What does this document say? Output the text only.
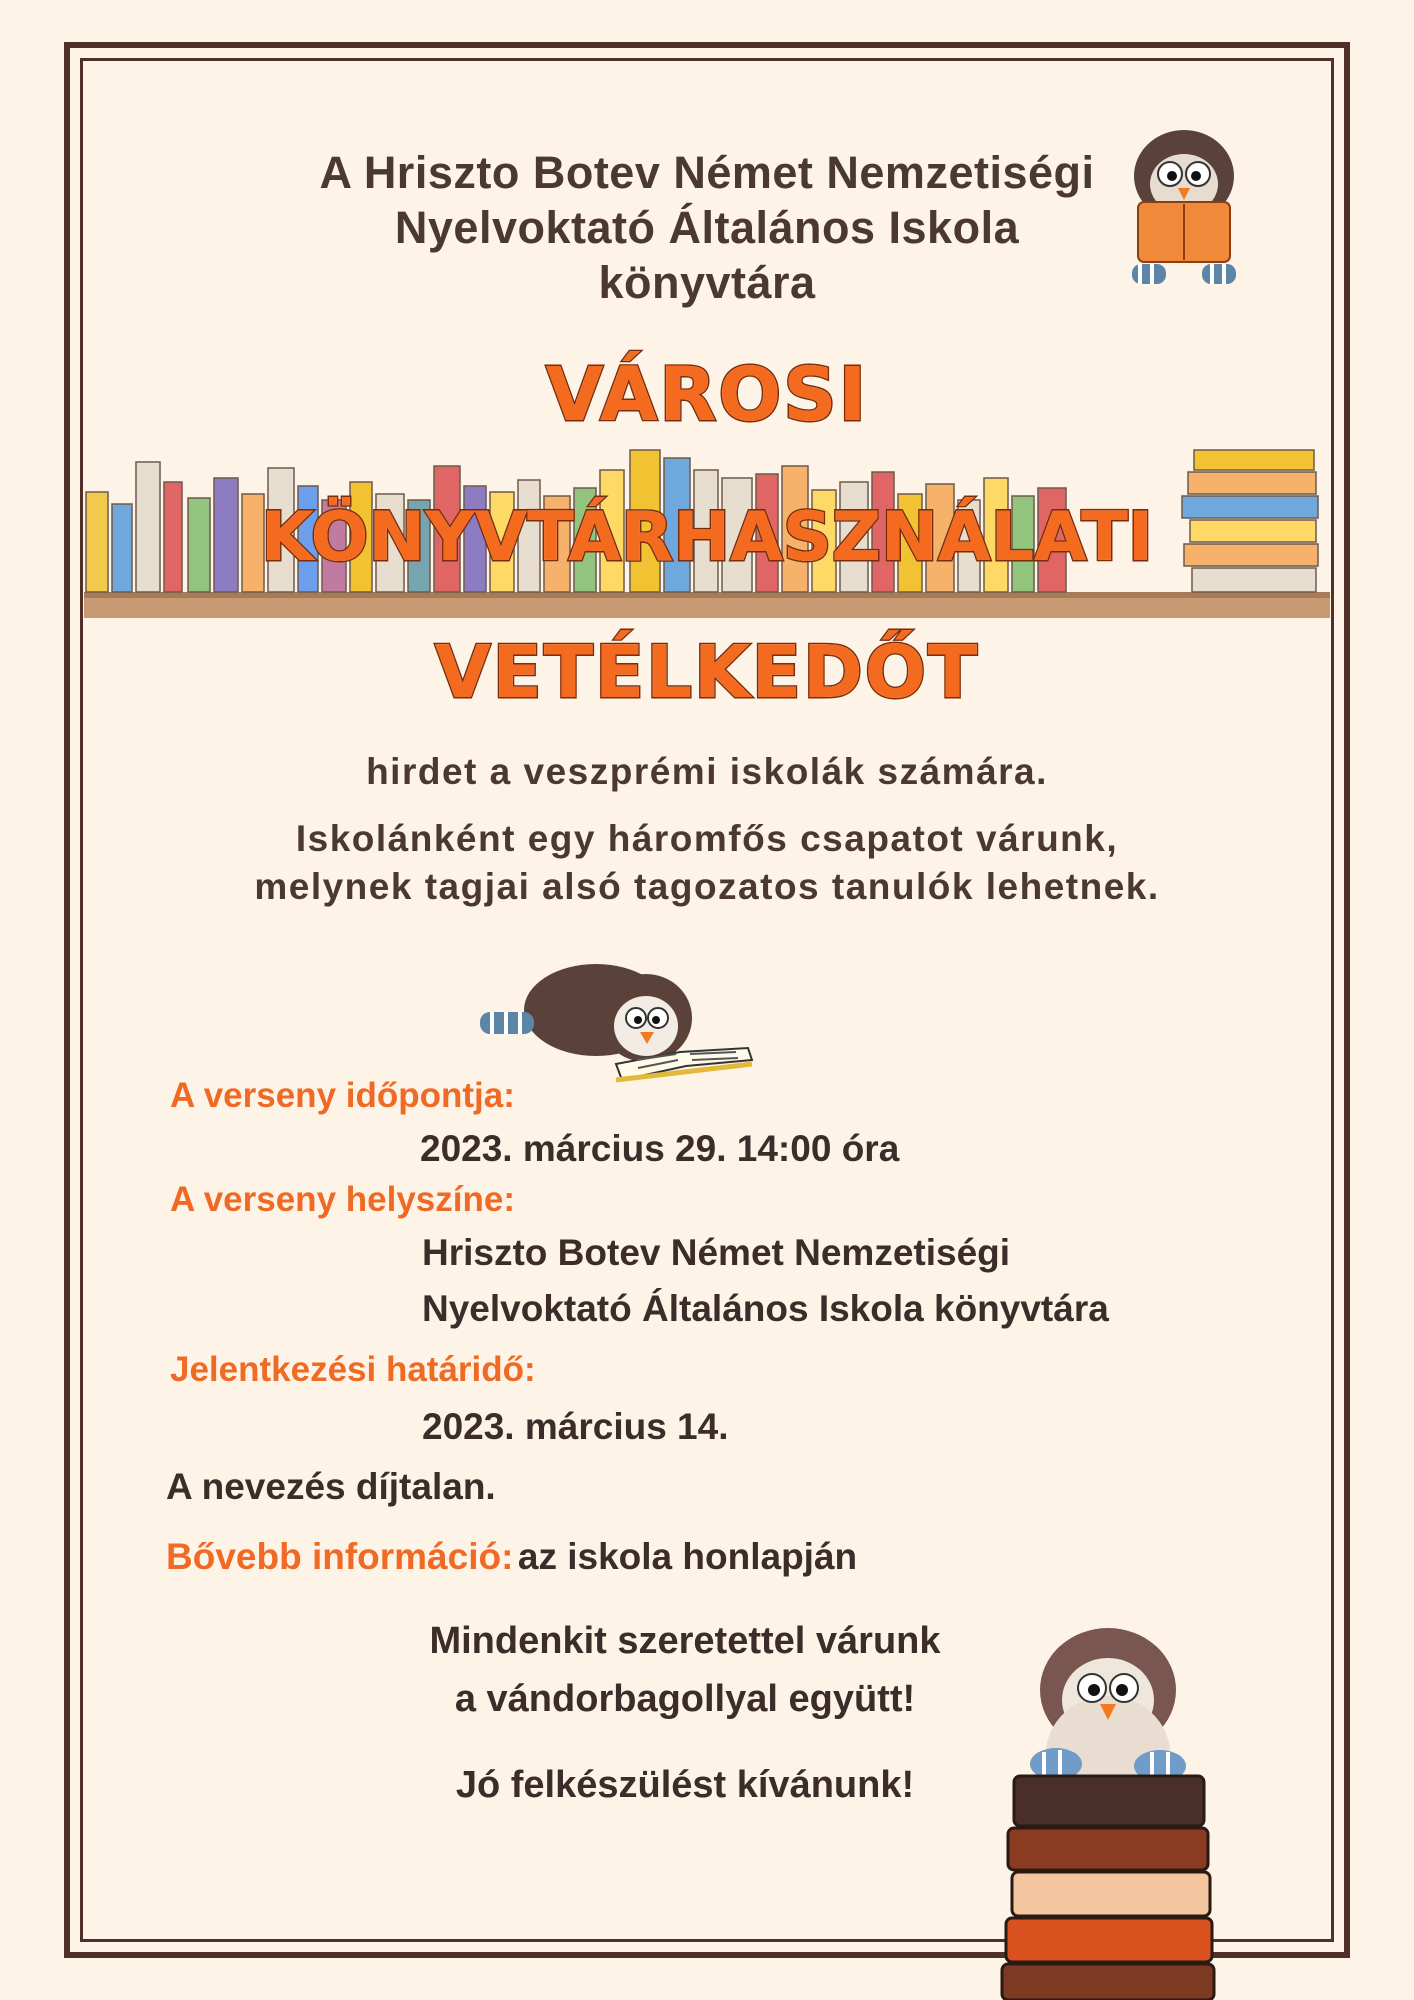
A Hriszto Botev Német Nemzetiségi
Nyelvoktató Általános Iskola
könyvtára
VÁROSI
KÖNYVTÁRHASZNÁLATI
VETÉLKEDŐT
hirdet a veszprémi iskolák számára.
Iskolánként egy háromfős csapatot várunk,
melynek tagjai alsó tagozatos tanulók lehetnek.
A verseny időpontja:
2023. március 29. 14:00 óra
A verseny helyszíne:
Hriszto Botev Német Nemzetiségi
Nyelvoktató Általános Iskola könyvtára
Jelentkezési határidő:
2023. március 14.
A nevezés díjtalan.
Bővebb információ: az iskola honlapján
Mindenkit szeretettel várunk
a vándorbagollyal együtt!
Jó felkészülést kívánunk!
